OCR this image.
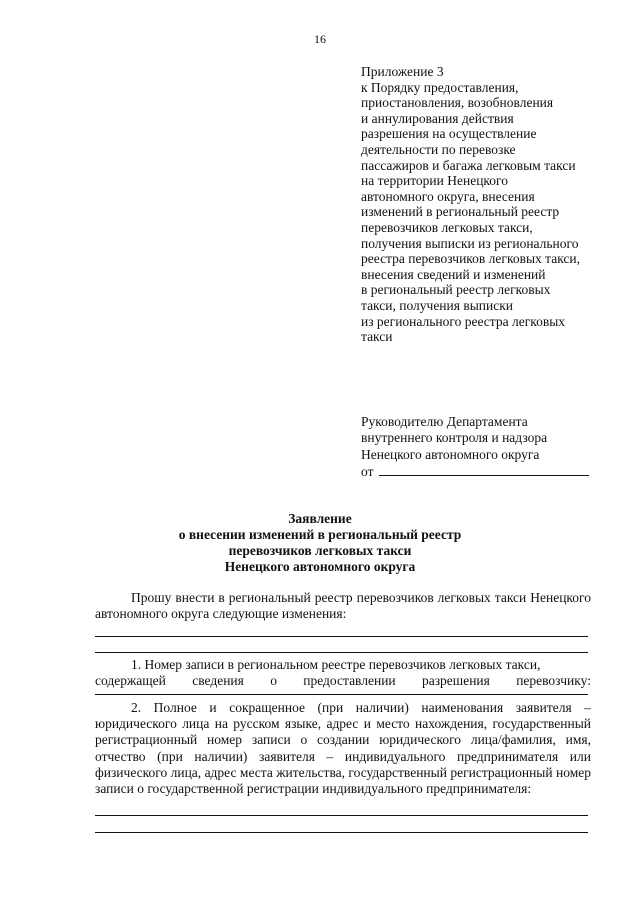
16
Приложение 3
к Порядку предоставления,
приостановления, возобновления
и аннулирования действия
разрешения на осуществление
деятельности по перевозке
пассажиров и багажа легковым такси
на территории Ненецкого
автономного округа, внесения
изменений в региональный реестр
перевозчиков легковых такси,
получения выписки из регионального
реестра перевозчиков легковых такси,
внесения сведений и изменений
в региональный реестр легковых
такси, получения выписки
из регионального реестра легковых
такси
Руководителю Департамента
внутреннего контроля и надзора
Ненецкого автономного округа
от
Заявление
о внесении изменений в региональный реестр
перевозчиков легковых такси
Ненецкого автономного округа
Прошу внести в региональный реестр перевозчиков легковых такси Ненецкого автономного округа следующие изменения:
1. Номер записи в региональном реестре перевозчиков легковых такси,
содержащей сведения о предоставлении разрешения перевозчику:
2. Полное и сокращенное (при наличии) наименования заявителя – юридического лица на русском языке, адрес и место нахождения, государственный регистрационный номер записи о создании юридического лица/фамилия, имя, отчество (при наличии) заявителя – индивидуального предпринимателя или физического лица, адрес места жительства, государственный регистрационный номер записи о государственной регистрации индивидуального предпринимателя:
